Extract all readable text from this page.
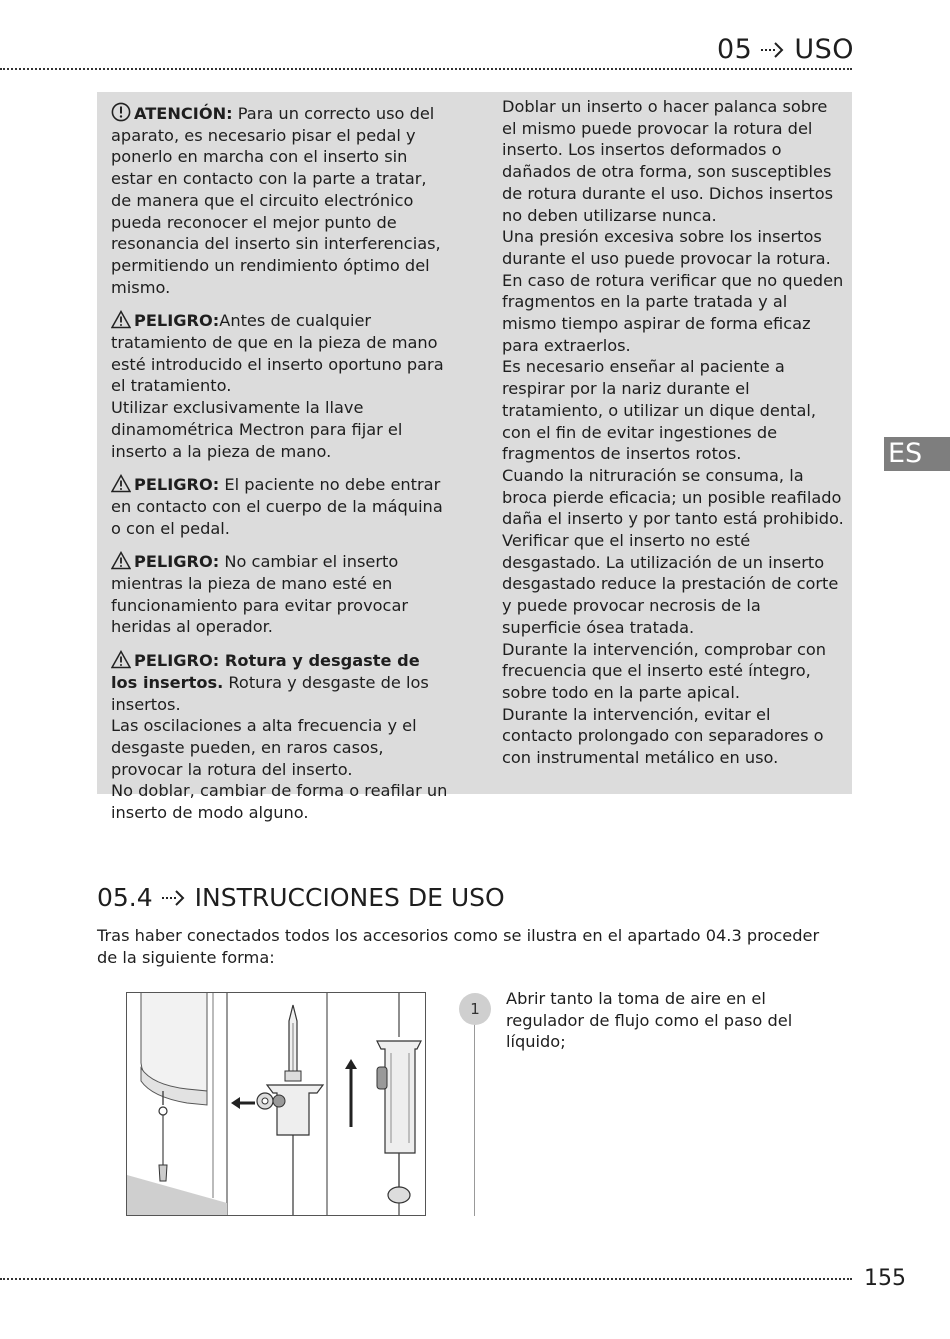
05 USO
ES

ATENCIÓN: Para un correcto uso del aparato, es necesario pisar el pedal y ponerlo en marcha con el inserto sin estar en contacto con la parte a tratar, de manera que el circuito electrónico pueda reconocer el mejor punto de resonancia del inserto sin interferencias, permitiendo un rendimiento óptimo del mismo.

PELIGRO:Antes de cualquier tratamiento de que en la pieza de mano esté introducido el inserto oportuno para el tratamiento.
Utilizar exclusivamente la llave dinamométrica Mectron para fijar el inserto a la pieza de mano.

PELIGRO: El paciente no debe entrar en contacto con el cuerpo de la máquina o con el pedal.

PELIGRO: No cambiar el inserto mientras la pieza de mano esté en funcionamiento para evitar provocar heridas al operador.

PELIGRO: Rotura y desgaste de los insertos. Rotura y desgaste de los insertos.
Las oscilaciones a alta frecuencia y el desgaste pueden, en raros casos, provocar la rotura del inserto.
No doblar, cambiar de forma o reafilar un inserto de modo alguno.

Doblar un inserto o hacer palanca sobre el mismo puede provocar la rotura del inserto. Los insertos deformados o dañados de otra forma, son susceptibles de rotura durante el uso. Dichos insertos no deben utilizarse nunca.
Una presión excesiva sobre los insertos durante el uso puede provocar la rotura.
En caso de rotura verificar que no queden fragmentos en la parte tratada y al mismo tiempo aspirar de forma eficaz para extraerlos.
Es necesario enseñar al paciente a respirar por la nariz durante el tratamiento, o utilizar un dique dental, con el fin de evitar ingestiones de fragmentos de insertos rotos.
Cuando la nitruración se consuma, la broca pierde eficacia; un posible reafilado daña el inserto y por tanto está prohibido. Verificar que el inserto no esté desgastado. La utilización de un inserto desgastado reduce la prestación de corte y puede provocar necrosis de la superficie ósea tratada.
Durante la intervención, comprobar con frecuencia que el inserto esté íntegro, sobre todo en la parte apical.
Durante la intervención, evitar el contacto prolongado con separadores o con instrumental metálico en uso.
05.4 INSTRUCCIONES DE USO
Tras haber conectados todos los accesorios como se ilustra en el apartado 04.3 proceder de la siguiente forma:
1
Abrir tanto la toma de aire en el regulador de flujo como el paso del líquido;
155
